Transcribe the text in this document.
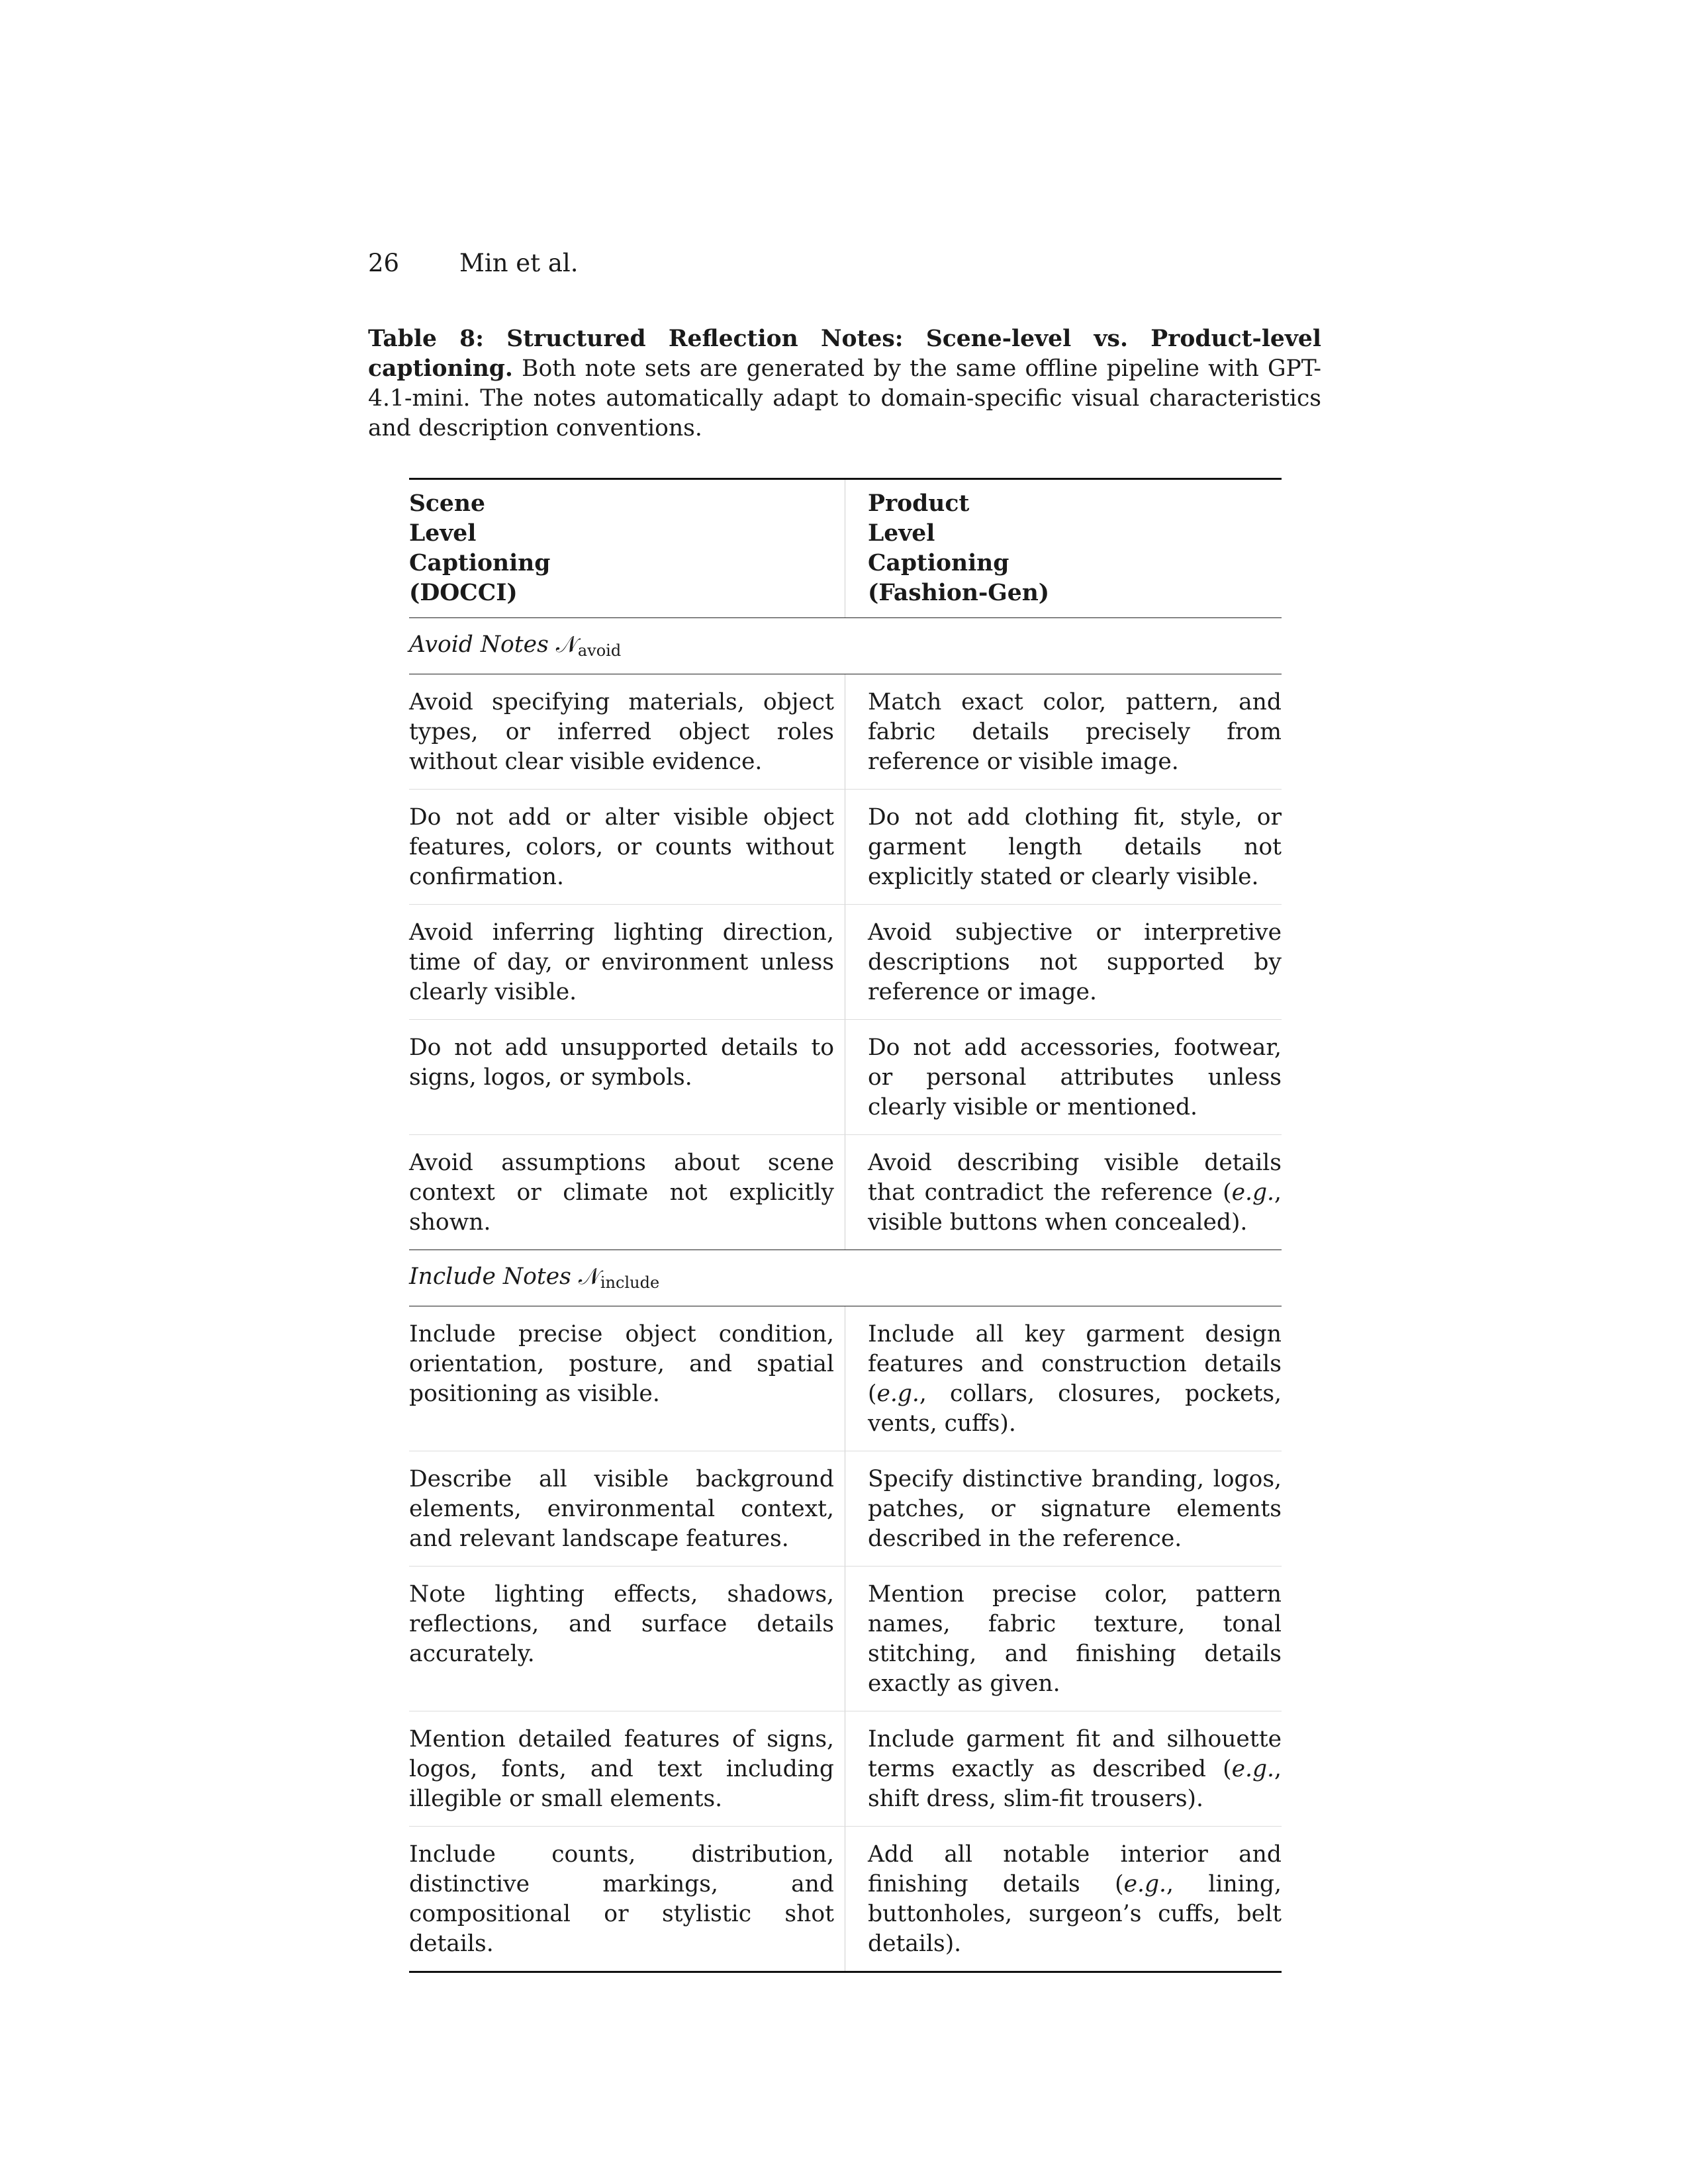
26 Min et al.
Table 8: Structured Reflection Notes: Scene-level vs. Product-level captioning. Both note sets are generated by the same offline pipeline with GPT-4.1-mini. The notes automatically adapt to domain-specific visual characteristics and description conventions.
Scene
Level
Captioning
(DOCCI)
Product
Level
Captioning
(Fashion-Gen)
Avoid Notes 𝒩$_{avoid}$
Avoid specifying materials, object types, or inferred object roles without clear visible evidence.
Match exact color, pattern, and fabric details precisely from reference or visible image.
Do not add or alter visible object features, colors, or counts without confirmation.
Do not add clothing fit, style, or garment length details not explicitly stated or clearly visible.
Avoid inferring lighting direction, time of day, or environment unless clearly visible.
Avoid subjective or interpretive descriptions not supported by reference or image.
Do not add unsupported details to signs, logos, or symbols.
Do not add accessories, footwear, or personal attributes unless clearly visible or mentioned.
Avoid assumptions about scene context or climate not explicitly shown.
Avoid describing visible details that contradict the reference (e.g., visible buttons when concealed).
Include Notes 𝒩$_{include}$
Include precise object condition, orientation, posture, and spatial positioning as visible.
Include all key garment design features and construction details (e.g., collars, closures, pockets, vents, cuffs).
Describe all visible background elements, environmental context, and relevant landscape features.
Specify distinctive branding, logos, patches, or signature elements described in the reference.
Note lighting effects, shadows, reflections, and surface details accurately.
Mention precise color, pattern names, fabric texture, tonal stitching, and finishing details exactly as given.
Mention detailed features of signs, logos, fonts, and text including illegible or small elements.
Include garment fit and silhouette terms exactly as described (e.g., shift dress, slim-fit trousers).
Include counts, distribution, distinctive markings, and compositional or stylistic shot details.
Add all notable interior and finishing details (e.g., lining, buttonholes, surgeon’s cuffs, belt details).
